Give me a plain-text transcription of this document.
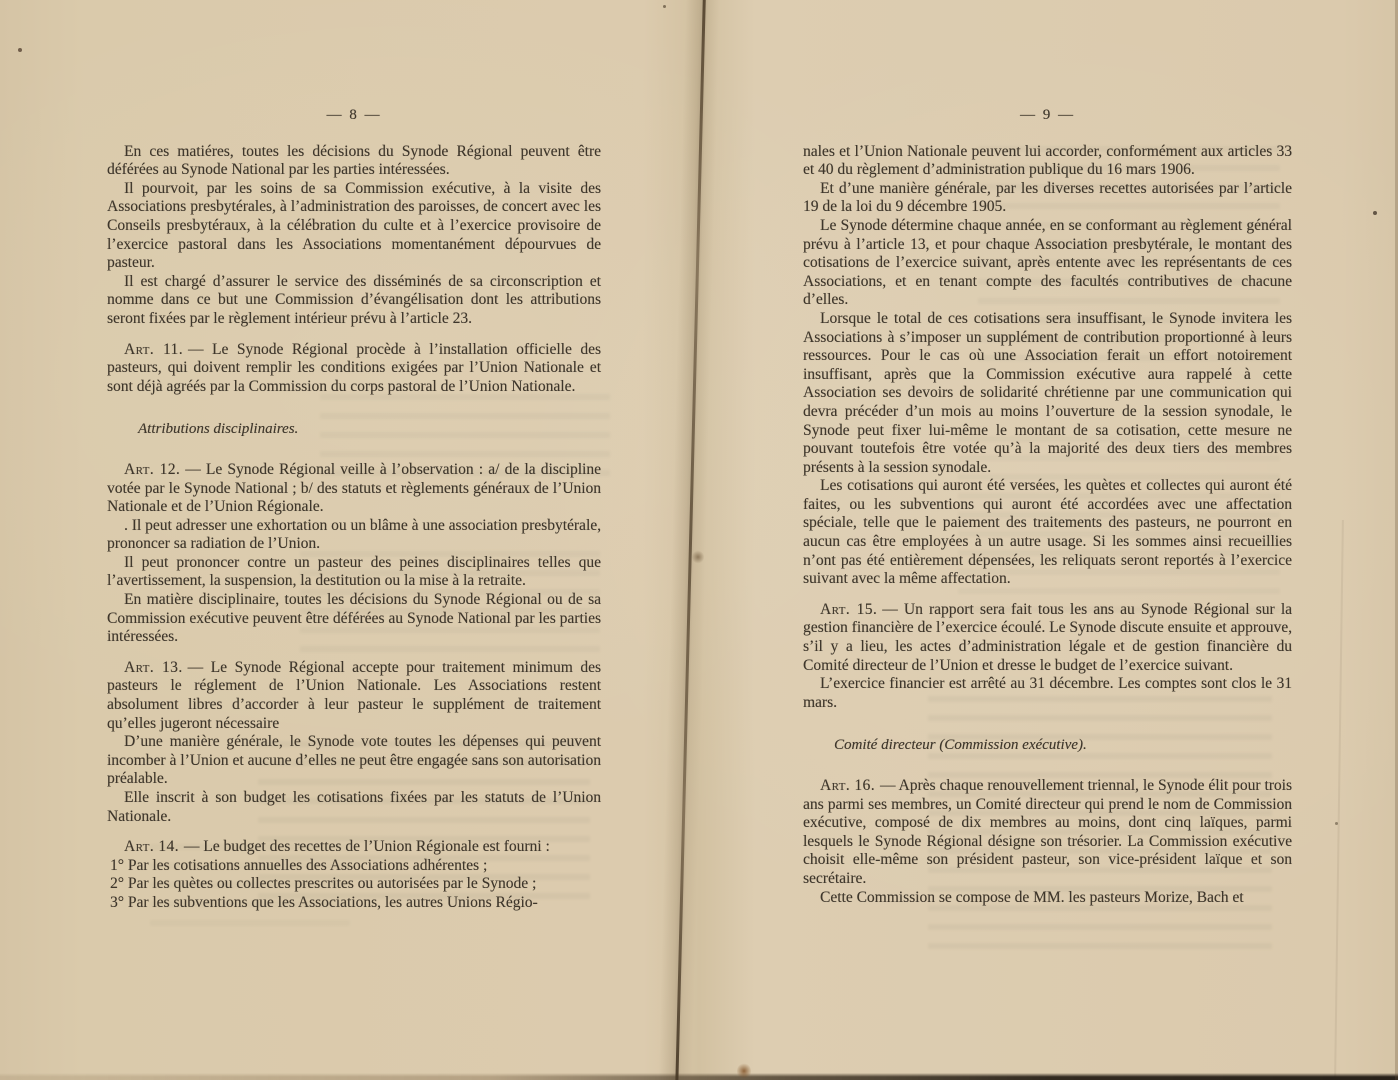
— 8 —

En ces matiéres, toutes les décisions du Synode Régional peuvent être déférées au Synode National par les parties intéressées.

Il pourvoit, par les soins de sa Commission exécutive, à la visite des Associations presbytérales, à l’administration des paroisses, de concert avec les Conseils presbytéraux, à la célébration du culte et à l’exercice provisoire de l’exercice pastoral dans les Associations momentanément dépourvues de pasteur.

Il est chargé d’assurer le service des disséminés de sa circonscription et nomme dans ce but une Commission d’évangélisation dont les attributions seront fixées par le règlement intérieur prévu à l’article 23.

Art. 11. — Le Synode Régional procède à l’installation officielle des pasteurs, qui doivent remplir les conditions exigées par l’Union Nationale et sont déjà agréés par la Commission du corps pastoral de l’Union Nationale.

Attributions disciplinaires.

Art. 12. — Le Synode Régional veille à l’observation : a/ de la discipline votée par le Synode National ; b/ des statuts et règlements généraux de l’Union Nationale et de l’Union Régionale.

. Il peut adresser une exhortation ou un blâme à une association presbytérale, prononcer sa radiation de l’Union.

Il peut prononcer contre un pasteur des peines disciplinaires telles que l’avertissement, la suspension, la destitution ou la mise à la retraite.

En matière disciplinaire, toutes les décisions du Synode Régional ou de sa Commission exécutive peuvent être déférées au Synode National par les parties intéressées.

Art. 13. — Le Synode Régional accepte pour traitement minimum des pasteurs le réglement de l’Union Nationale. Les Associations restent absolument libres d’accorder à leur pasteur le supplément de traitement qu’elles jugeront nécessaire

D’une manière générale, le Synode vote toutes les dépenses qui peuvent incomber à l’Union et aucune d’elles ne peut être engagée sans son autorisation préalable.

Elle inscrit à son budget les cotisations fixées par les statuts de l’Union Nationale.

Art. 14. — Le budget des recettes de l’Union Régionale est fourni :

1° Par les cotisations annuelles des Associations adhérentes ;

2° Par les quètes ou collectes prescrites ou autorisées par le Synode ;

3° Par les subventions que les Associations, les autres Unions Régio-

— 9 —

nales et l’Union Nationale peuvent lui accorder, conformément aux articles 33 et 40 du règlement d’administration publique du 16 mars 1906.

Et d’une manière générale, par les diverses recettes autorisées par l’article 19 de la loi du 9 décembre 1905.

Le Synode détermine chaque année, en se conformant au règlement général prévu à l’article 13, et pour chaque Association presbytérale, le montant des cotisations de l’exercice suivant, après entente avec les représentants de ces Associations, et en tenant compte des facultés contributives de chacune d’elles.

Lorsque le total de ces cotisations sera insuffisant, le Synode invitera les Associations à s’imposer un supplément de contribution proportionné à leurs ressources. Pour le cas où une Association ferait un effort notoirement insuffisant, après que la Commission exécutive aura rappelé à cette Association ses devoirs de solidarité chrétienne par une communication qui devra précéder d’un mois au moins l’ouverture de la session synodale, le Synode peut fixer lui-même le montant de sa cotisation, cette mesure ne pouvant toutefois être votée qu’à la majorité des deux tiers des membres présents à la session synodale.

Les cotisations qui auront été versées, les quètes et collectes qui auront été faites, ou les subventions qui auront été accordées avec une affectation spéciale, telle que le paiement des traitements des pasteurs, ne pourront en aucun cas être employées à un autre usage. Si les sommes ainsi recueillies n’ont pas été entièrement dépensées, les reliquats seront reportés à l’exercice suivant avec la même affectation.

Art. 15. — Un rapport sera fait tous les ans au Synode Régional sur la gestion financière de l’exercice écoulé. Le Synode discute ensuite et approuve, s’il y a lieu, les actes d’administration légale et de gestion financière du Comité directeur de l’Union et dresse le budget de l’exercice suivant.

L’exercice financier est arrêté au 31 décembre. Les comptes sont clos le 31 mars.

Comité directeur (Commission exécutive).

Art. 16. — Après chaque renouvellement triennal, le Synode élit pour trois ans parmi ses membres, un Comité directeur qui prend le nom de Commission exécutive, composé de dix membres au moins, dont cinq laïques, parmi lesquels le Synode Régional désigne son trésorier. La Commission exécutive choisit elle-même son président pasteur, son vice-président laïque et son secrétaire.

Cette Commission se compose de MM. les pasteurs Morize, Bach et
